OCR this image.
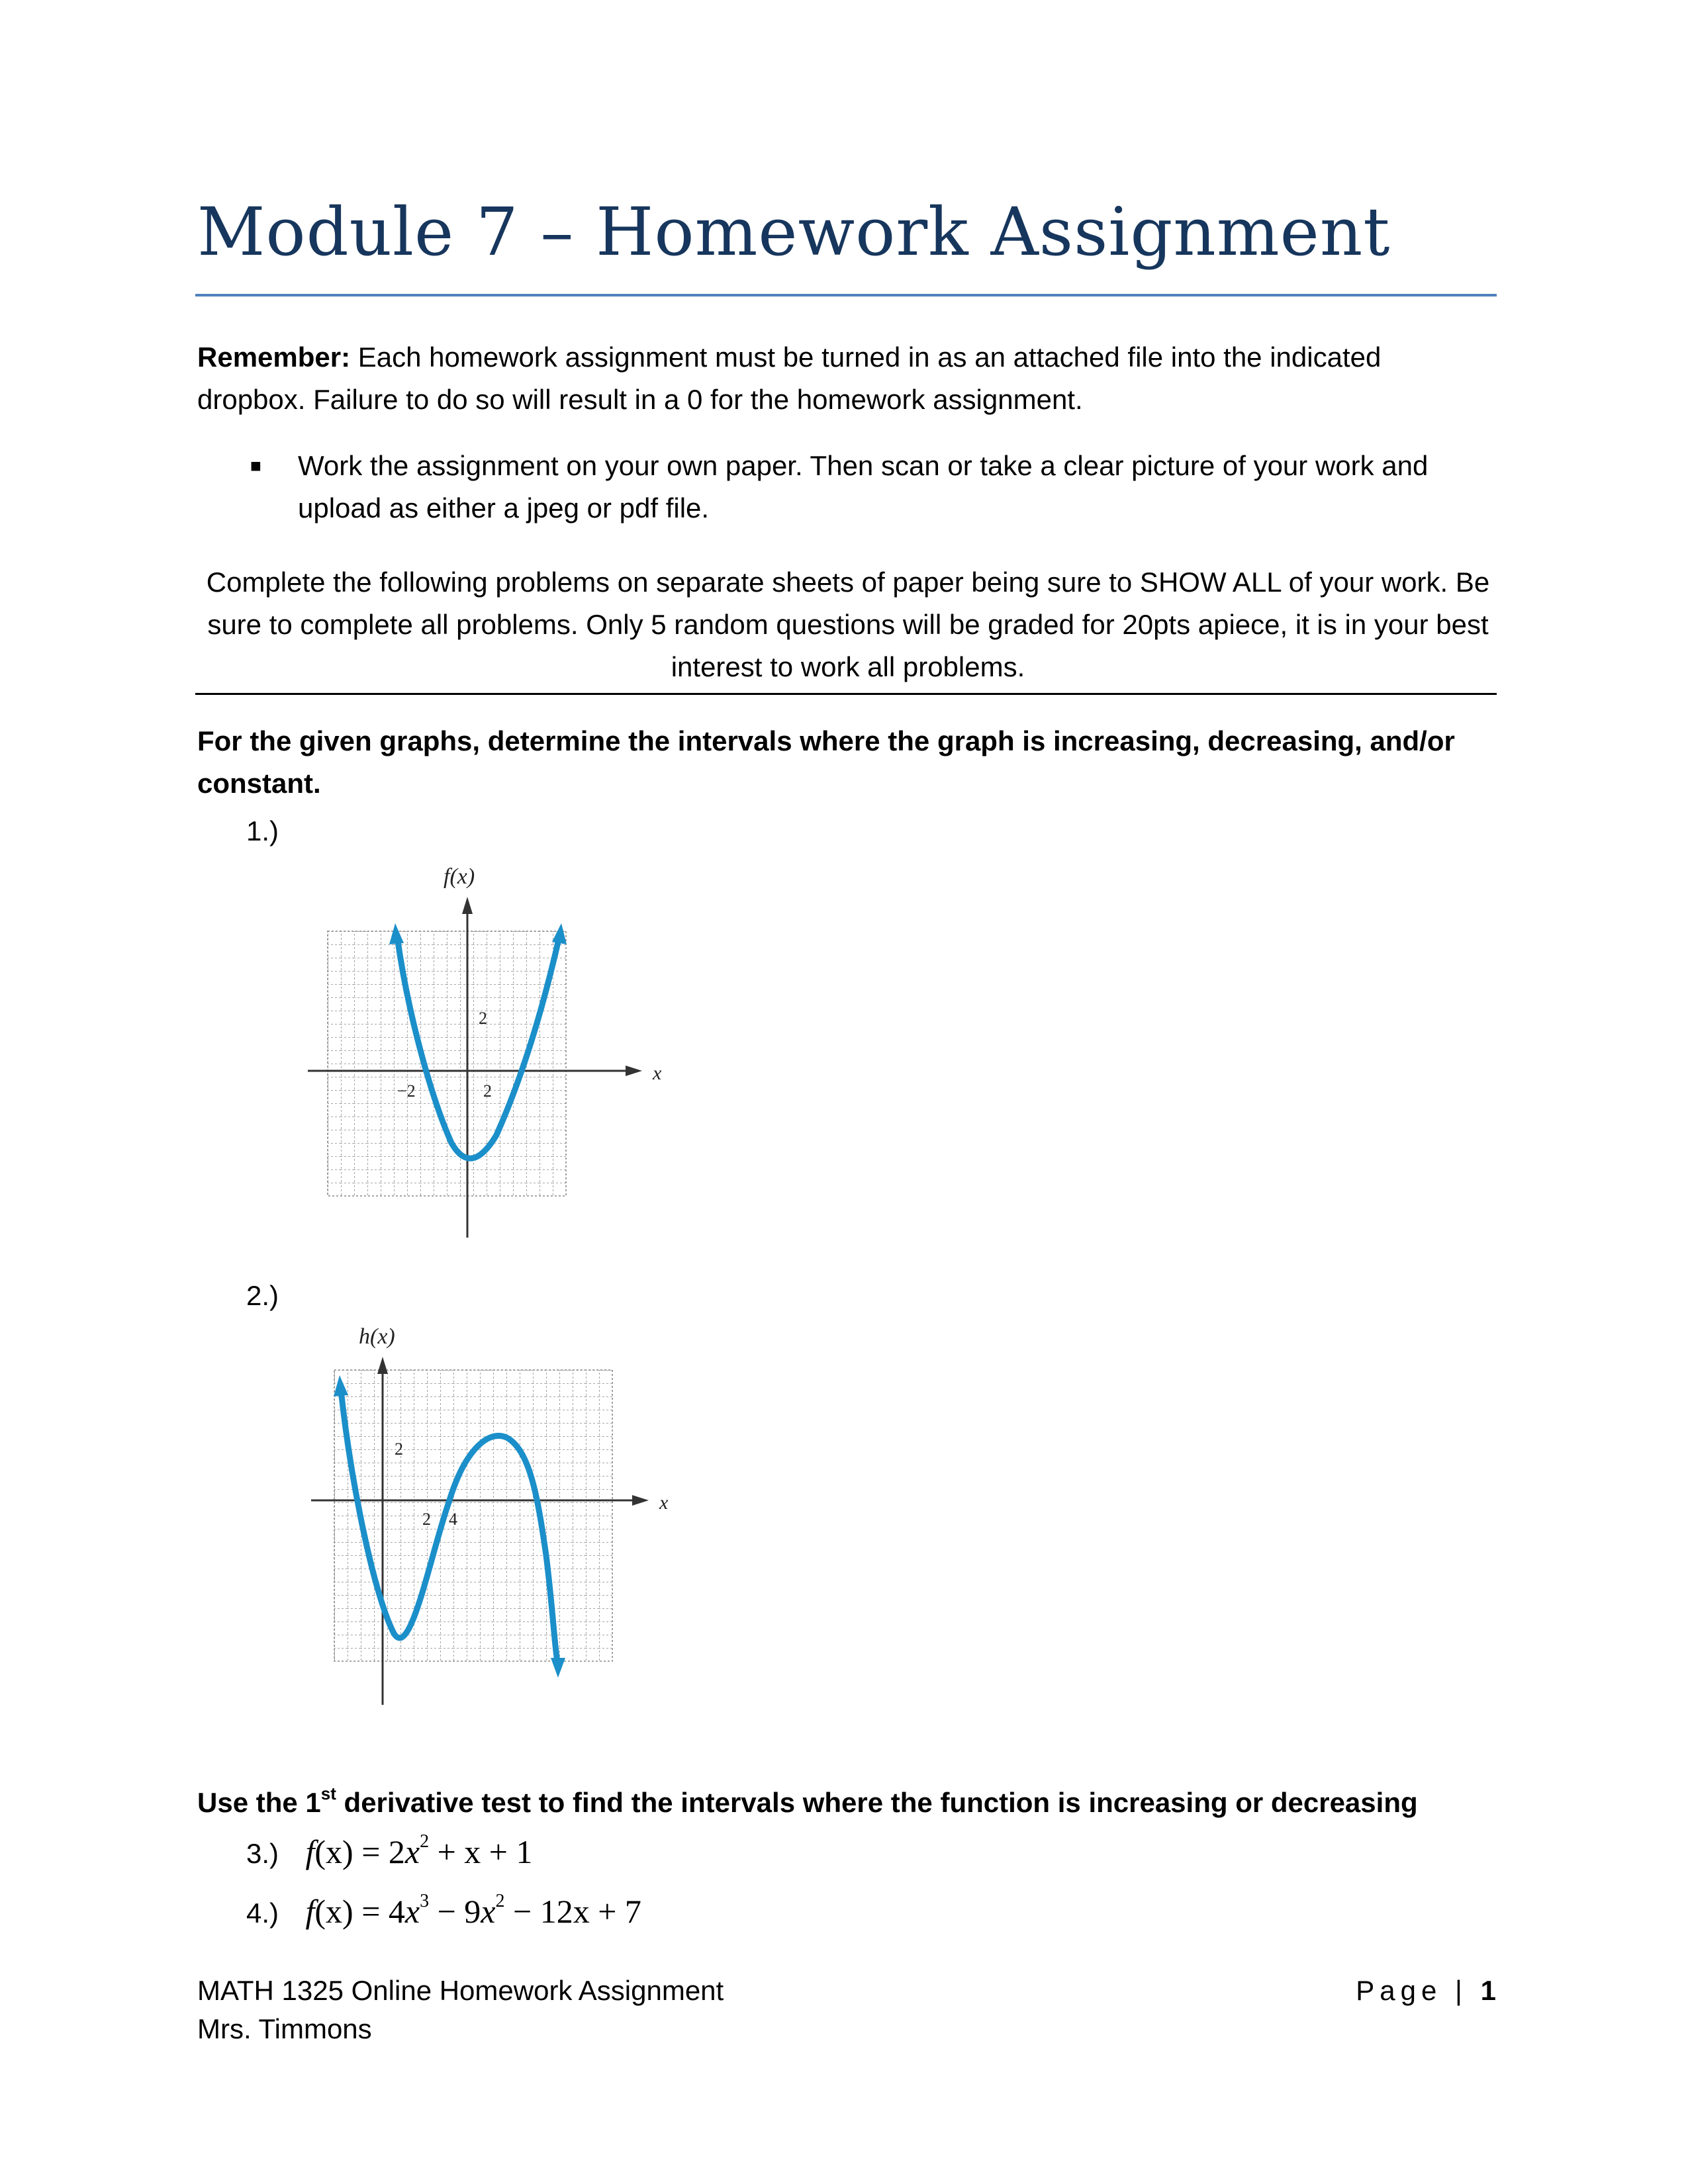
Module 7 – Homework Assignment
Remember: Each homework assignment must be turned in as an attached file into the indicated dropbox. Failure to do so will result in a 0 for the homework assignment.
■ Work the assignment on your own paper. Then scan or take a clear picture of your work and upload as either a jpeg or pdf file.
Complete the following problems on separate sheets of paper being sure to SHOW ALL of your work. Be sure to complete all problems. Only 5 random questions will be graded for 20pts apiece, it is in your best interest to work all problems.
For the given graphs, determine the intervals where the graph is increasing, decreasing, and/or constant.
1.)
f(x)
x
−2	2
2
2.)
h(x)
x
2 4
2
Use the 1st derivative test to find the intervals where the function is increasing or decreasing
3.) $f(x) = 2x^2 + x + 1$
4.) $f(x) = 4x^3 - 9x^2 - 12x + 7$
MATH 1325 Online Homework Assignment
Mrs. Timmons
Page | 1
